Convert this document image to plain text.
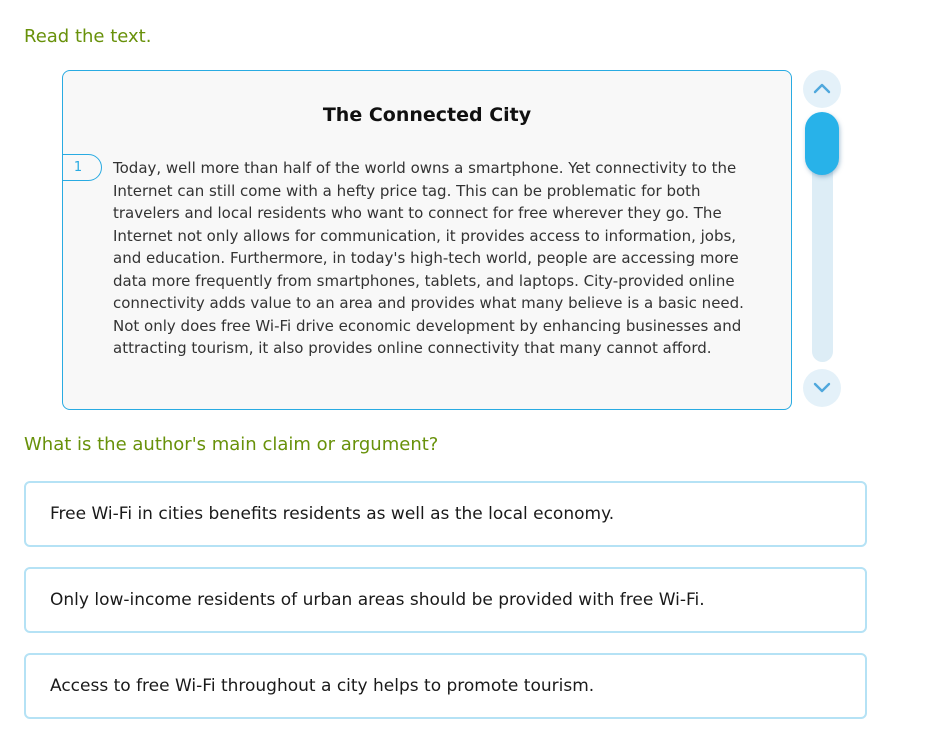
Read the text.
The Connected City
1 Today, well more than half of the world owns a smartphone. Yet connectivity to the Internet can still come with a hefty price tag. This can be problematic for both travelers and local residents who want to connect for free wherever they go. The Internet not only allows for communication, it provides access to information, jobs, and education. Furthermore, in today's high-tech world, people are accessing more data more frequently from smartphones, tablets, and laptops. City-provided online connectivity adds value to an area and provides what many believe is a basic need. Not only does free Wi-Fi drive economic development by enhancing businesses and attracting tourism, it also provides online connectivity that many cannot afford.
What is the author's main claim or argument?
Free Wi-Fi in cities benefits residents as well as the local economy.
Only low-income residents of urban areas should be provided with free Wi-Fi.
Access to free Wi-Fi throughout a city helps to promote tourism.
